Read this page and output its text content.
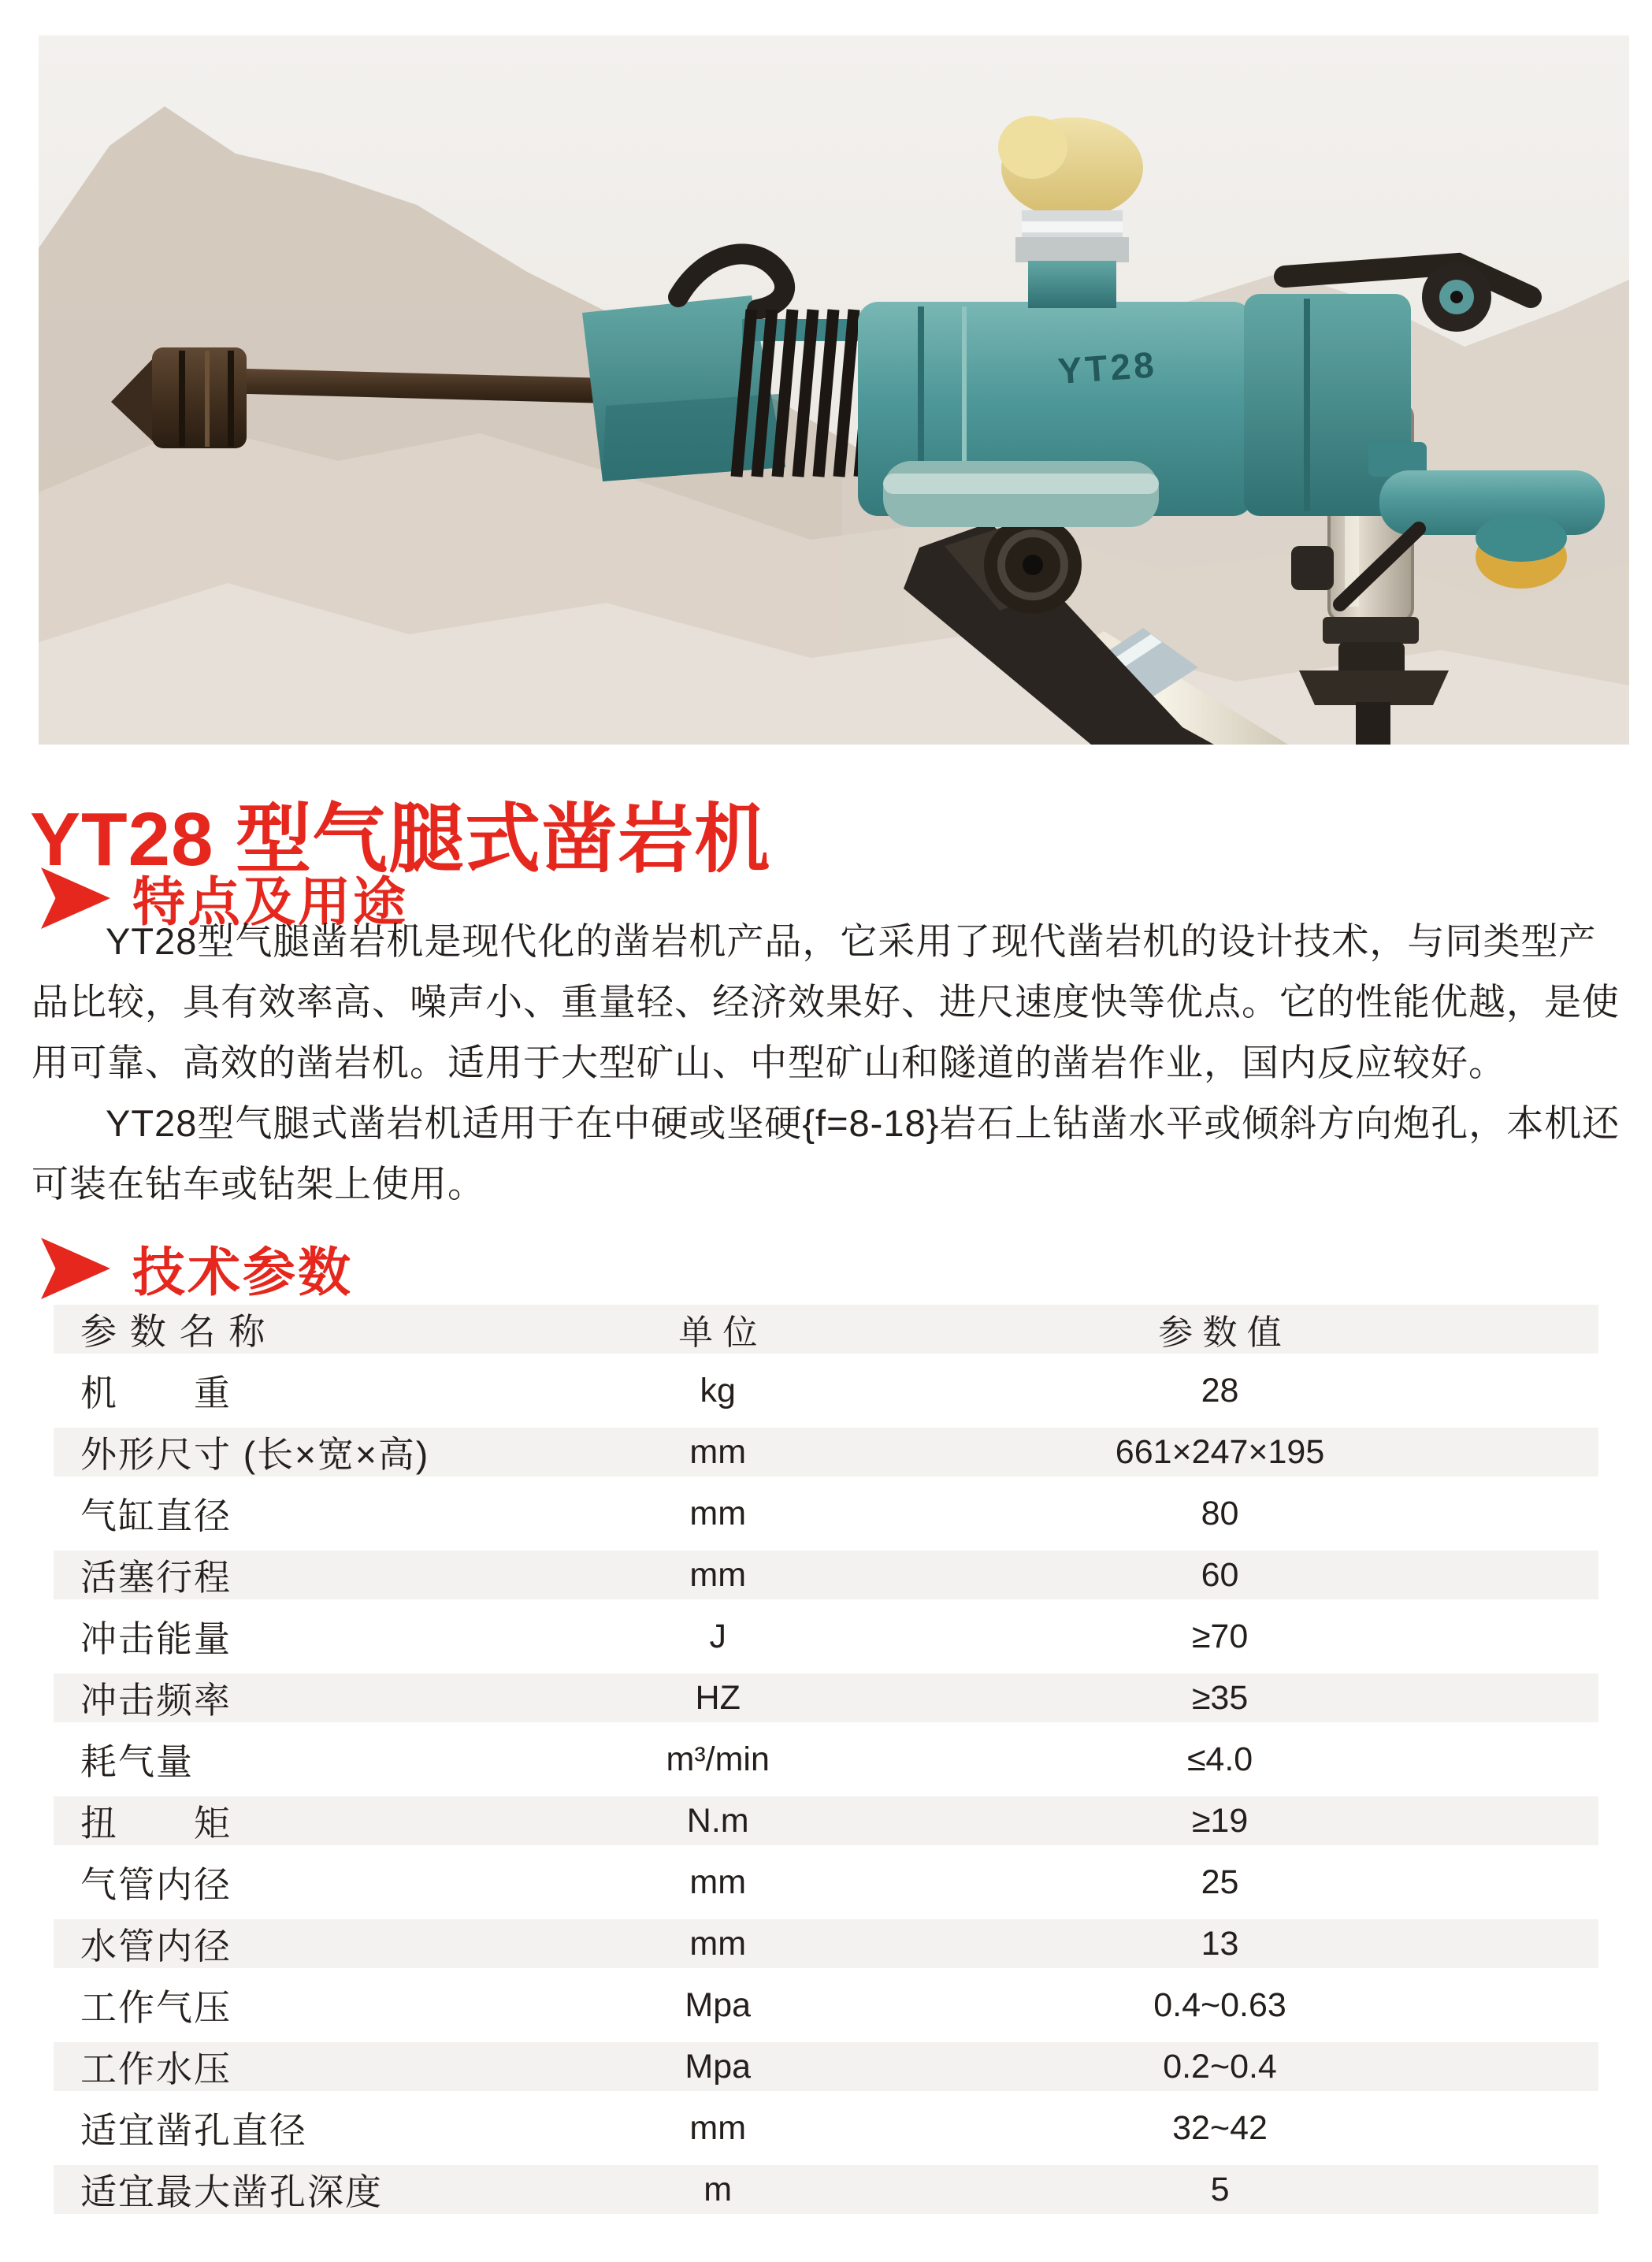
YT28
YT28 型气腿式凿岩机
特点及用途

YT28型气腿凿岩机是现代化的凿岩机产品，它采用了现代凿岩机的设计技术，与同类型产品比较，具有效率高、噪声小、重量轻、经济效果好、进尺速度快等优点。它的性能优越，是使用可靠、高效的凿岩机。适用于大型矿山、中型矿山和隧道的凿岩作业，国内反应较好。

YT28型气腿式凿岩机适用于在中硬或坚硬{f=8-18}岩石上钻凿水平或倾斜方向炮孔，本机还可装在钻车或钻架上使用。

技术参数
参 数 名 称	单 位	参 数 值
机　　重	kg	28
外形尺寸 (长×宽×高)	mm	661×247×195
气缸直径	mm	80
活塞行程	mm	60
冲击能量	J	≥70
冲击频率	HZ	≥35
耗气量	m³/min	≤4.0
扭　　矩	N.m	≥19
气管内径	mm	25
水管内径	mm	13
工作气压	Mpa	0.4~0.63
工作水压	Mpa	0.2~0.4
适宜凿孔直径	mm	32~42
适宜最大凿孔深度	m	5
